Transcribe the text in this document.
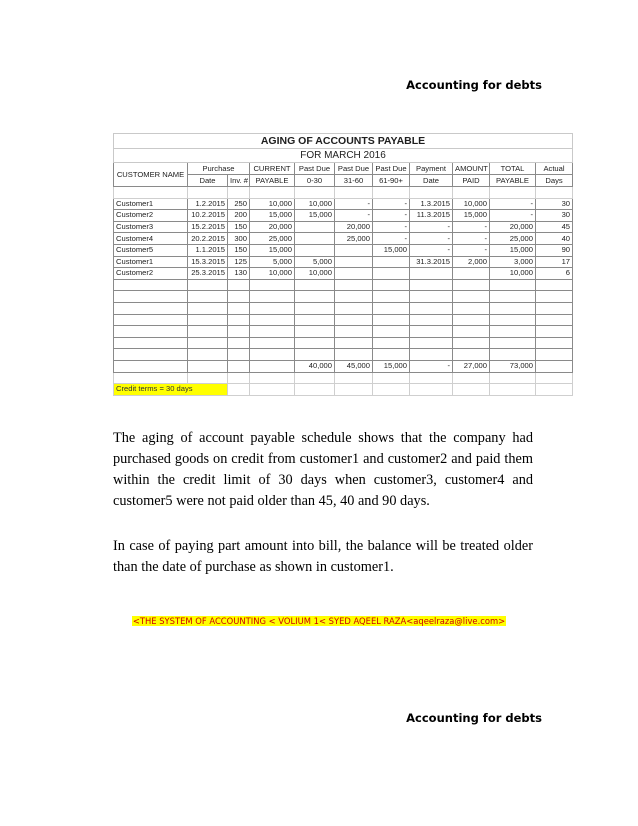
Accounting for debts
AGING OF ACCOUNTS PAYABLE										
FOR MARCH 2016										
CUSTOMER NAME	Purchase		CURRENT	Past Due	Past Due	Past Due	Payment	AMOUNT	TOTAL	Actual
	Date	Inv. #	PAYABLE	0-30	31-60	61-90+	Date	PAID	PAYABLE	Days

Customer1	1.2.2015	250	10,000	10,000	-	-	1.3.2015	10,000	-	30
Customer2	10.2.2015	200	15,000	15,000	-	-	11.3.2015	15,000	-	30
Customer3	15.2.2015	150	20,000		20,000	-	-	-	20,000	45
Customer4	20.2.2015	300	25,000		25,000	-	-	-	25,000	40
Customer5	1.1.2015	150	15,000			15,000	-	-	15,000	90
Customer1	15.3.2015	125	5,000	5,000			31.3.2015	2,000	3,000	17
Customer2	25.3.2015	130	10,000	10,000					10,000	6

				40,000	45,000	15,000	-	27,000	73,000	

Credit terms = 30 days										

The aging of account payable schedule shows that the company had purchased goods on credit from customer1 and customer2 and paid them within the credit limit of 30 days when customer3, customer4 and customer5 were not paid older than 45, 40 and 90 days.

In case of paying part amount into bill, the balance will be treated older than the date of purchase as shown in customer1.

<THE SYSTEM OF ACCOUNTING < VOLIUM 1< SYED AQEEL RAZA<aqeelraza@live.com>
Accounting for debts
